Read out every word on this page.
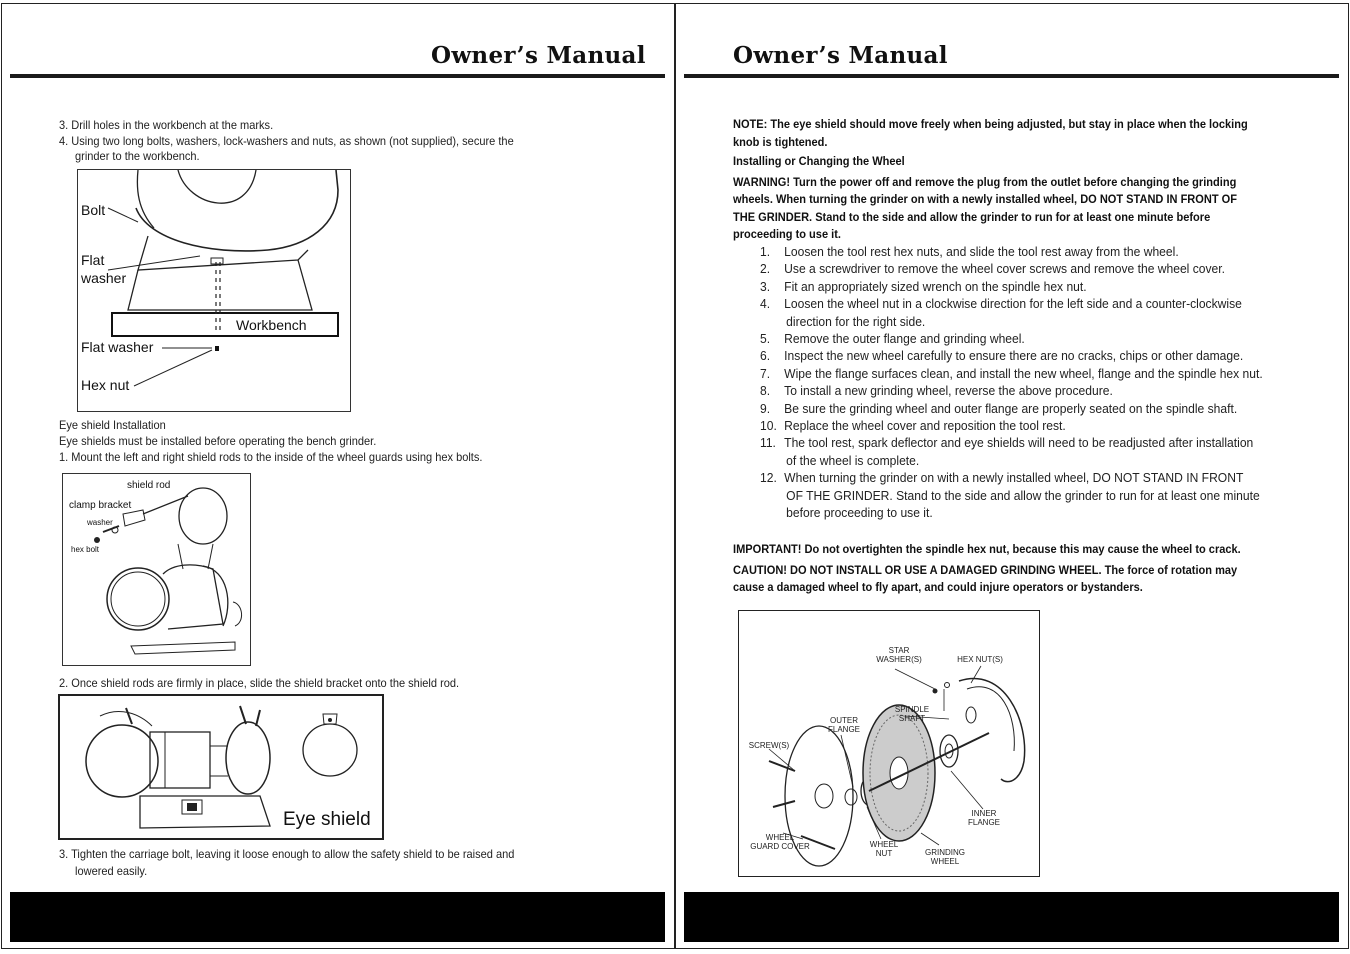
Owner’s Manual
3. Drill holes in the workbench at the marks.
4. Using two long bolts, washers, lock-washers and nuts, as shown (not supplied), secure the
grinder to the workbench.
Bolt
Flat
washer
Workbench
Flat washer
Hex nut
Eye shield Installation
Eye shields must be installed before operating the bench grinder.
1. Mount the left and right shield rods to the inside of the wheel guards using hex bolts.
shield rod
clamp bracket
washer
hex bolt
2. Once shield rods are firmly in place, slide the shield bracket onto the shield rod.
Eye shield
3. Tighten the carriage bolt, leaving it loose enough to allow the safety shield to be raised and
lowered easily.
Owner’s Manual
NOTE: The eye shield should move freely when being adjusted, but stay in place when the locking
knob is tightened.
Installing or Changing the Wheel
WARNING! Turn the power off and remove the plug from the outlet before changing the grinding
wheels. When turning the grinder on with a newly installed wheel, DO NOT STAND IN FRONT OF
THE GRINDER. Stand to the side and allow the grinder to run for at least one minute before
proceeding to use it.
1. Loosen the tool rest hex nuts, and slide the tool rest away from the wheel.
2. Use a screwdriver to remove the wheel cover screws and remove the wheel cover.
3. Fit an appropriately sized wrench on the spindle hex nut.
4. Loosen the wheel nut in a clockwise direction for the left side and a counter-clockwise
direction for the right side.
5. Remove the outer flange and grinding wheel.
6. Inspect the new wheel carefully to ensure there are no cracks, chips or other damage.
7. Wipe the flange surfaces clean, and install the new wheel, flange and the spindle hex nut.
8. To install a new grinding wheel, reverse the above procedure.
9. Be sure the grinding wheel and outer flange are properly seated on the spindle shaft.
10. Replace the wheel cover and reposition the tool rest.
11. The tool rest, spark deflector and eye shields will need to be readjusted after installation
of the wheel is complete.
12. When turning the grinder on with a newly installed wheel, DO NOT STAND IN FRONT
OF THE GRINDER. Stand to the side and allow the grinder to run for at least one minute
before proceeding to use it.
IMPORTANT! Do not overtighten the spindle hex nut, because this may cause the wheel to crack.
CAUTION! DO NOT INSTALL OR USE A DAMAGED GRINDING WHEEL. The force of rotation may
cause a damaged wheel to fly apart, and could injure operators or bystanders.
STAR
WASHER(S)	HEX NUT(S)
SPINDLE
SHAFT
OUTER
FLANGE
SCREW(S)
INNER
FLANGE
WHEEL
GUARD COVER	WHEEL
NUT	GRINDING
WHEEL
